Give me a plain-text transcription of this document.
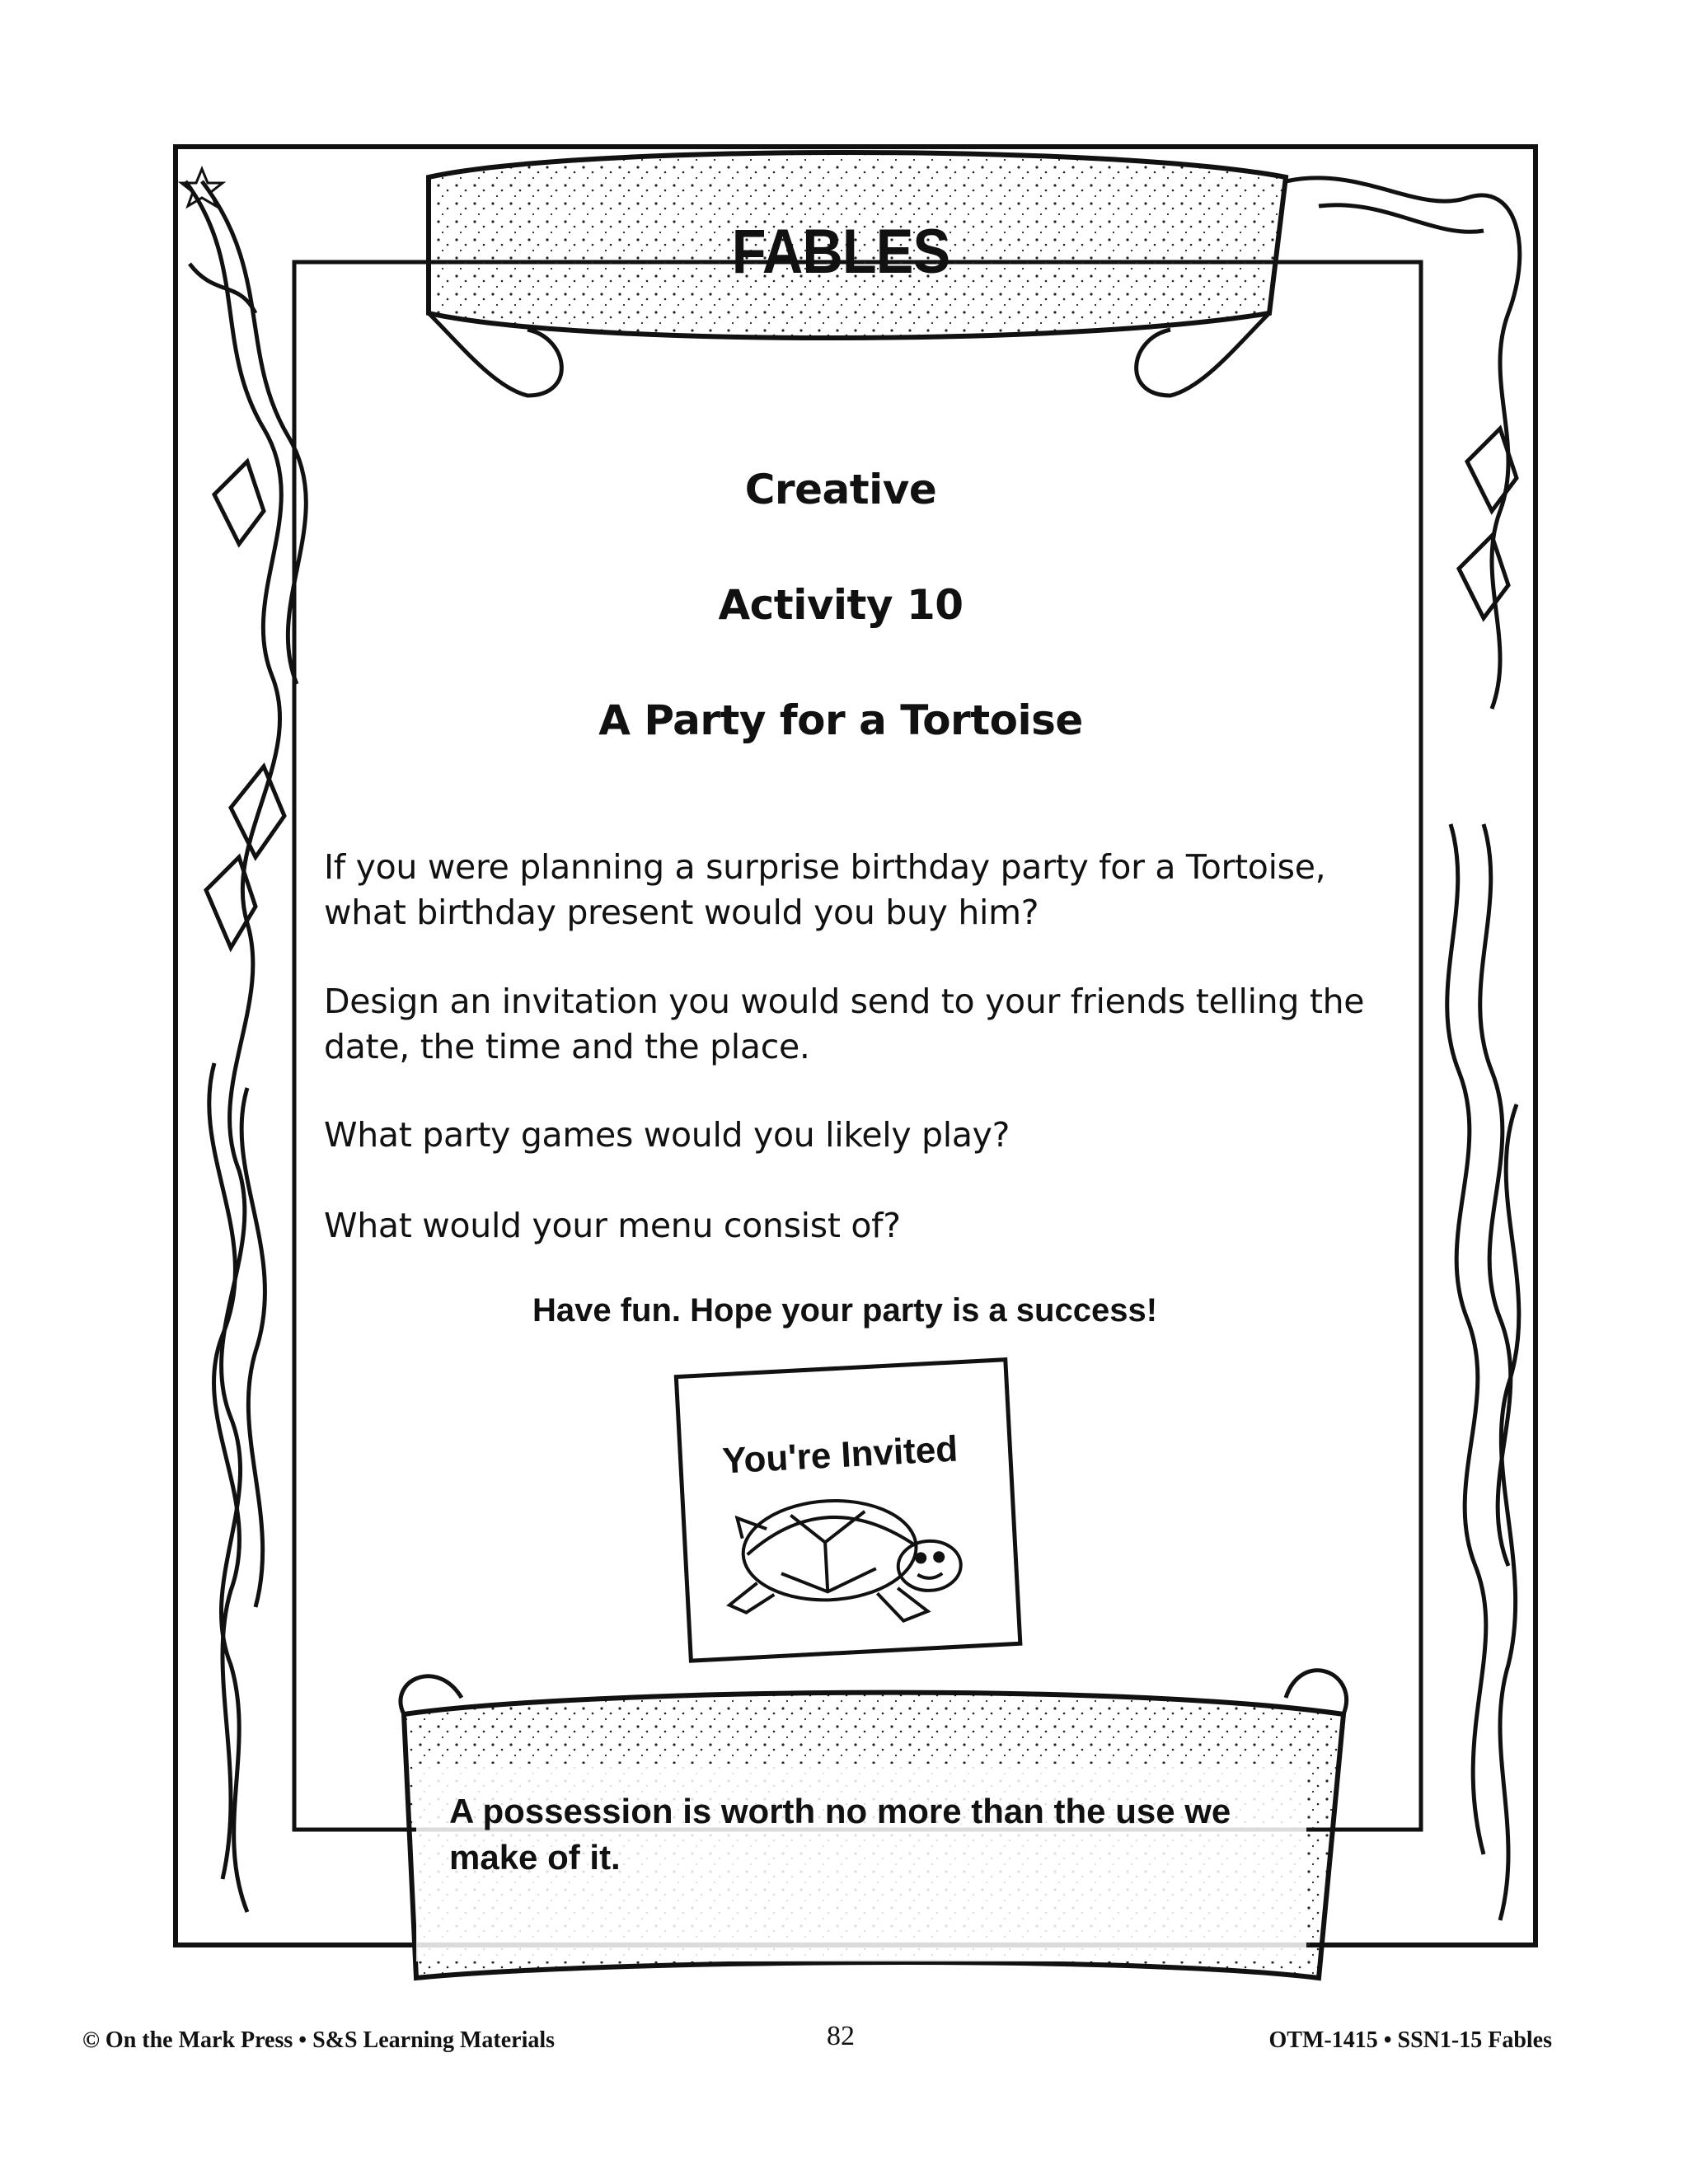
You're Invited
FABLES
Creative
Activity 10
A Party for a Tortoise
If you were planning a surprise birthday party for a Tortoise, what birthday present would you buy him?
Design an invitation you would send to your friends telling the date, the time and the place.
What party games would you likely play?
What would your menu consist of?
Have fun. Hope your party is a success!
A possession is worth no more than the use we make of it.
© On the Mark Press • S&S Learning Materials	82	OTM-1415 • SSN1-15 Fables
